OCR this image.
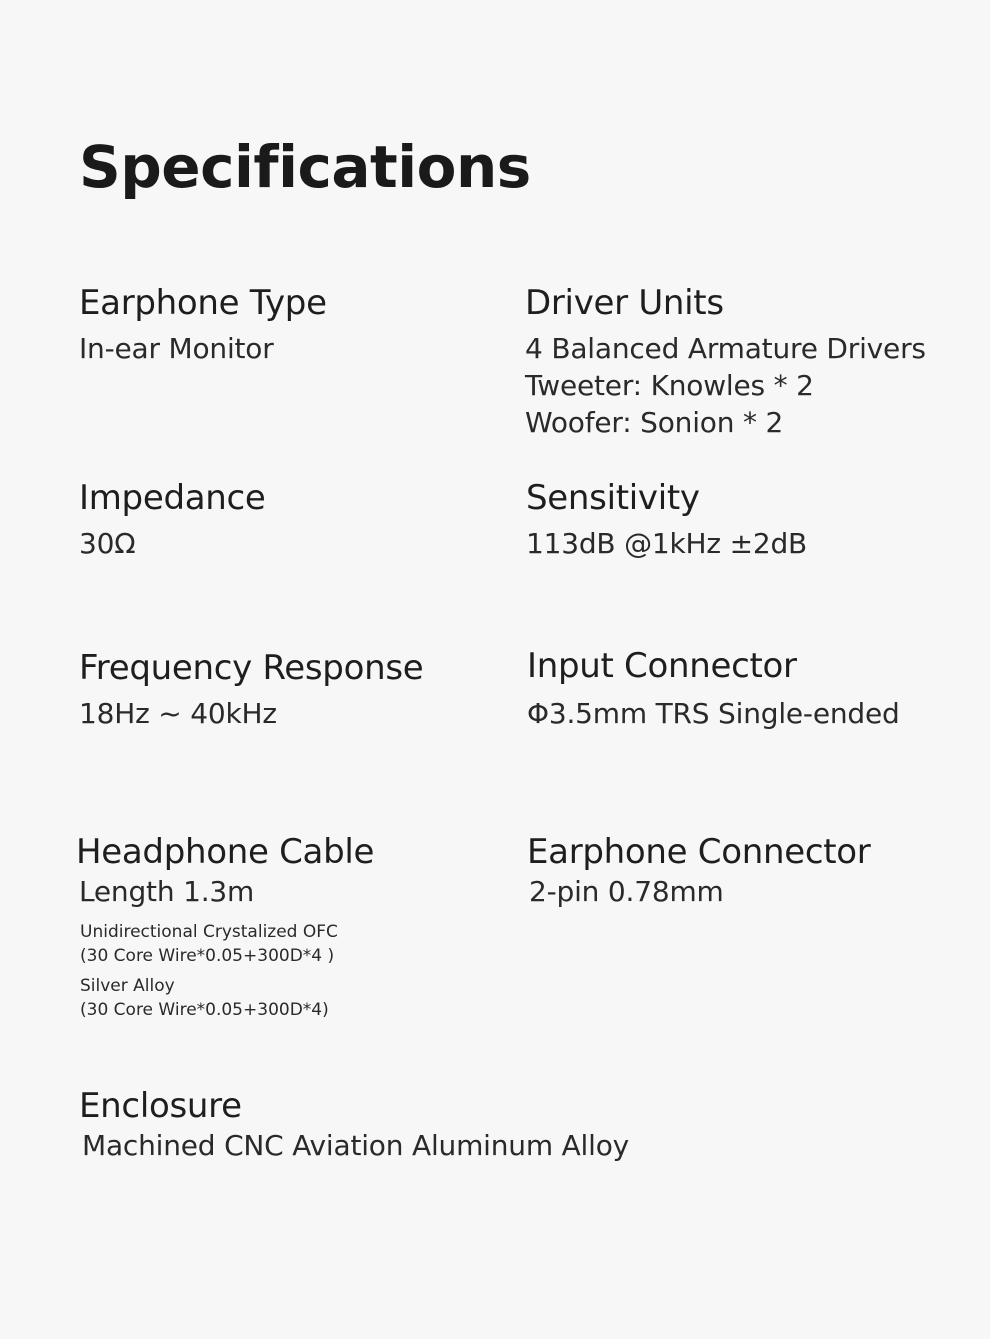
Specifications
Earphone Type

In-ear Monitor

Driver Units

4 Balanced Armature Drivers

Tweeter: Knowles * 2

Woofer: Sonion * 2

Impedance

30Ω

Sensitivity

113dB @1kHz ±2dB

Frequency Response

18Hz ~ 40kHz

Input Connector

Φ3.5mm TRS Single-ended

Headphone Cable

Length 1.3m

Unidirectional Crystalized OFC

(30 Core Wire*0.05+300D*4 )

Silver Alloy

(30 Core Wire*0.05+300D*4)

Earphone Connector

2-pin 0.78mm

Enclosure

Machined CNC Aviation Aluminum Alloy
